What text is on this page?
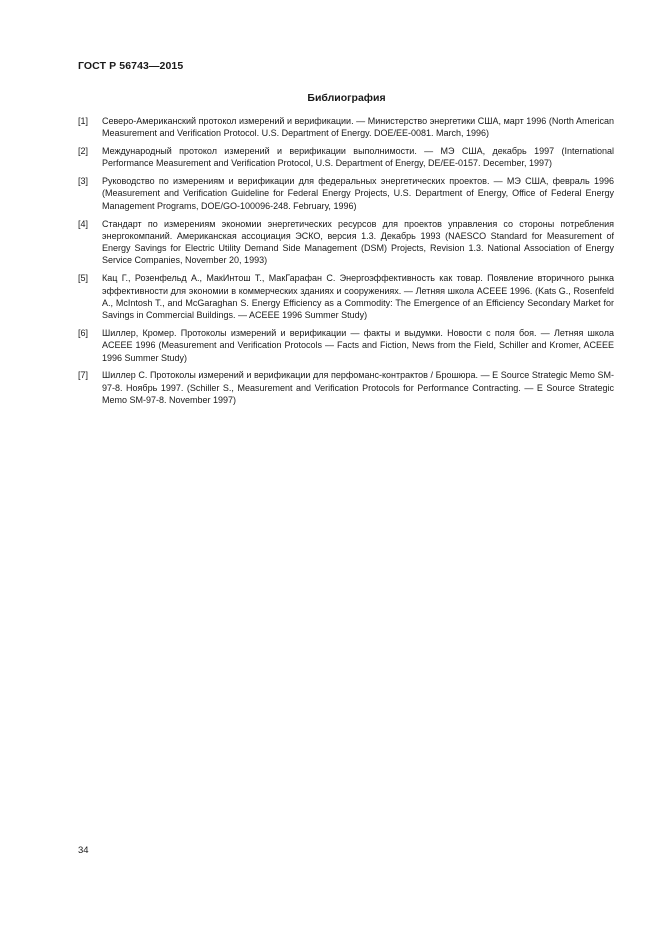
ГОСТ Р 56743—2015
Библиография
[1]	Северо-Американский протокол измерений и верификации. — Министерство энергетики США, март 1996 (North American Measurement and Verification Protocol. U.S. Department of Energy. DOE/EE-0081. March, 1996)
[2]	Международный протокол измерений и верификации выполнимости. — МЭ США, декабрь 1997 (International Performance Measurement and Verification Protocol, U.S. Department of Energy, DE/EE-0157. December, 1997)
[3]	Руководство по измерениям и верификации для федеральных энергетических проектов. — МЭ США, февраль 1996 (Measurement and Verification Guideline for Federal Energy Projects, U.S. Department of Energy, Office of Federal Energy Management Programs, DOE/GO-100096-248. February, 1996)
[4]	Стандарт по измерениям экономии энергетических ресурсов для проектов управления со стороны потребления энергокомпаний. Американская ассоциация ЭСКО, версия 1.3. Декабрь 1993 (NAESCO Standard for Measurement of Energy Savings for Electric Utility Demand Side Management (DSM) Projects, Revision 1.3. National Association of Energy Service Companies, November 20, 1993)
[5]	Кац Г., Розенфельд А., МакИнтош Т., МакГарафан С. Энергоэффективность как товар. Появление вторичного рынка эффективности для экономии в коммерческих зданиях и сооружениях. — Летняя школа ACEEE 1996. (Kats G., Rosenfeld A., McIntosh T., and McGaraghan S. Energy Efficiency as a Commodity: The Emergence of an Efficiency Secondary Market for Savings in Commercial Buildings. — ACEEE 1996 Summer Study)
[6]	Шиллер, Кромер. Протоколы измерений и верификации — факты и выдумки. Новости с поля боя. — Летняя школа ACEEE 1996 (Measurement and Verification Protocols — Facts and Fiction, News from the Field, Schiller and Kromer, ACEEE 1996 Summer Study)
[7]	Шиллер С. Протоколы измерений и верификации для перфоманс-контрактов / Брошюра. — E Source Strategic Memo SM-97-8. Ноябрь 1997. (Schiller S., Measurement and Verification Protocols for Performance Contracting. — E Source Strategic Memo SM-97-8. November 1997)
34
